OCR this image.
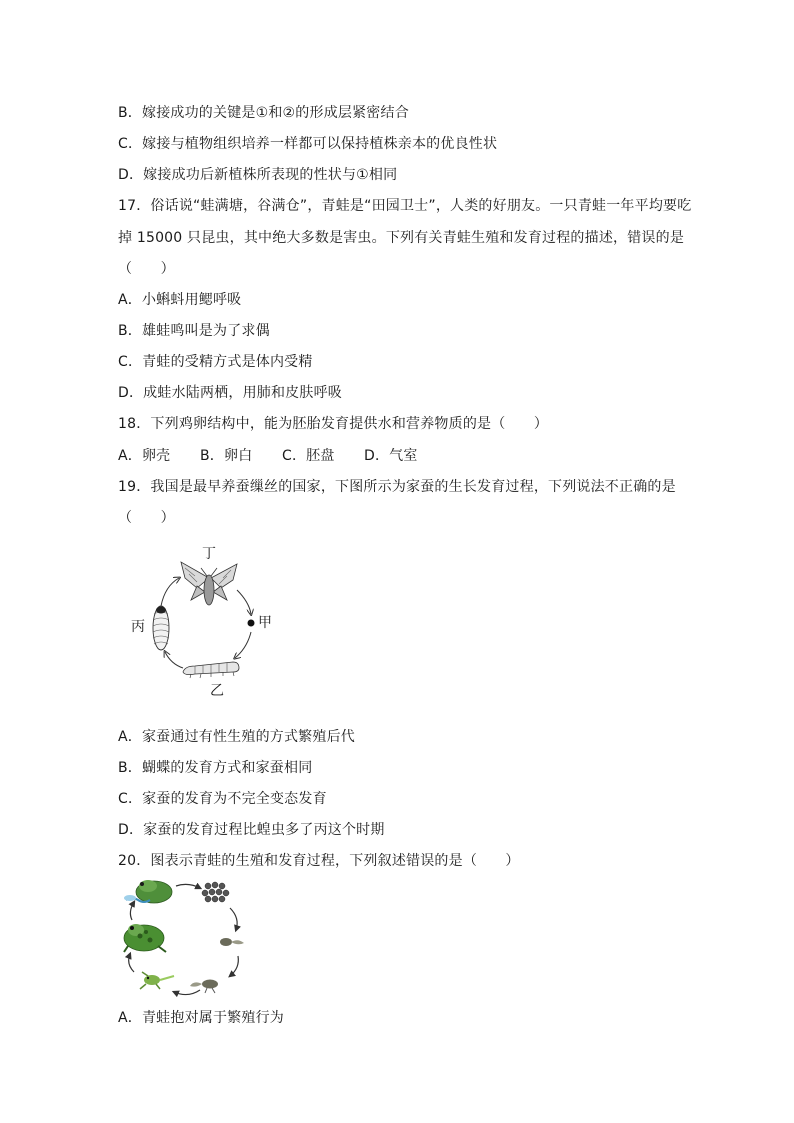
B．嫁接成功的关键是①和②的形成层紧密结合
C．嫁接与植物组织培养一样都可以保持植株亲本的优良性状
D．嫁接成功后新植株所表现的性状与①相同
17．俗话说“蛙满塘，谷满仓”，青蛙是“田园卫士”，人类的好朋友。一只青蛙一年平均要吃
掉 15000 只昆虫，其中绝大多数是害虫。下列有关青蛙生殖和发育过程的描述，错误的是
（　　）
A．小蝌蚪用鳃呼吸
B．雄蛙鸣叫是为了求偶
C．青蛙的受精方式是体内受精
D．成蛙水陆两栖，用肺和皮肤呼吸
18．下列鸡卵结构中，能为胚胎发育提供水和营养物质的是（　　）
A．卵壳 B．卵白 C．胚盘 D．气室
19．我国是最早养蚕缫丝的国家，下图所示为家蚕的生长发育过程，下列说法不正确的是
（　　）
丁
甲
乙
丙
A．家蚕通过有性生殖的方式繁殖后代
B．蝴蝶的发育方式和家蚕相同
C．家蚕的发育为不完全变态发育
D．家蚕的发育过程比蝗虫多了丙这个时期
20．图表示青蛙的生殖和发育过程，下列叙述错误的是（　　）
A．青蛙抱对属于繁殖行为
